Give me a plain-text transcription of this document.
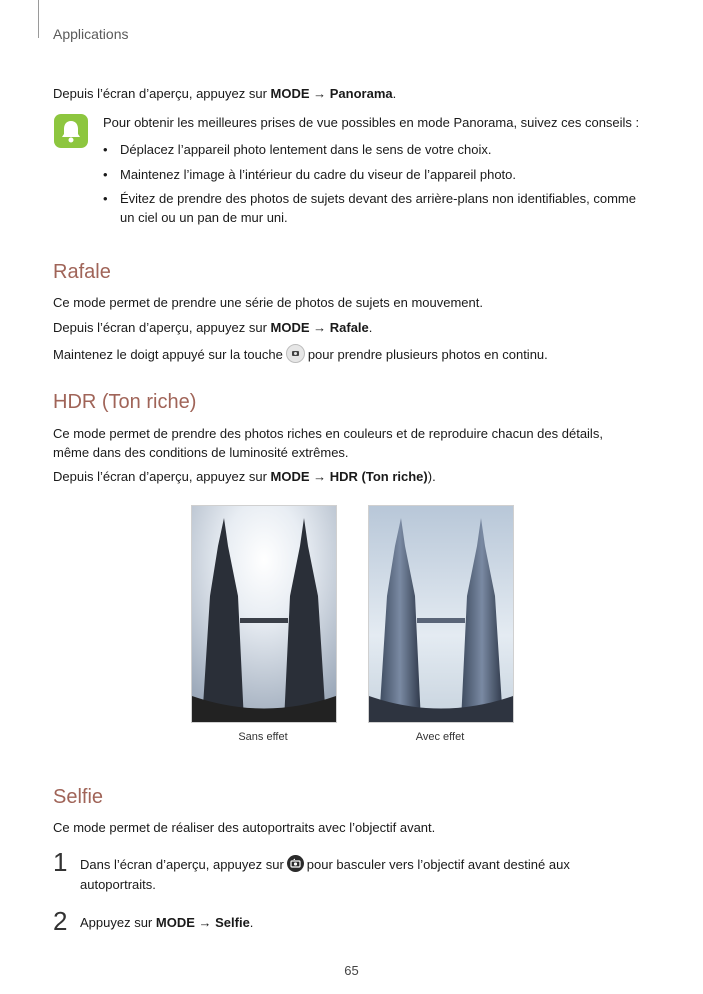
Applications

Depuis l’écran d’aperçu, appuyez sur MODE → Panorama.

Pour obtenir les meilleures prises de vue possibles en mode Panorama, suivez ces conseils :

• Déplacez l’appareil photo lentement dans le sens de votre choix.

• Maintenez l’image à l’intérieur du cadre du viseur de l’appareil photo.

• Évitez de prendre des photos de sujets devant des arrière-plans non identifiables, comme

un ciel ou un pan de mur uni.

Rafale

Ce mode permet de prendre une série de photos de sujets en mouvement.

Depuis l’écran d’aperçu, appuyez sur MODE → Rafale.

Maintenez le doigt appuyé sur la touche pour prendre plusieurs photos en continu.

HDR (Ton riche)

Ce mode permet de prendre des photos riches en couleurs et de reproduire chacun des détails,

même dans des conditions de luminosité extrêmes.

Depuis l’écran d’aperçu, appuyez sur MODE → HDR (Ton riche)).

Sans effet	Avec effet
Selfie

Ce mode permet de réaliser des autoportraits avec l’objectif avant.

1 Dans l’écran d’aperçu, appuyez sur pour basculer vers l’objectif avant destiné aux

autoportraits.

2 Appuyez sur MODE → Selfie.

65
